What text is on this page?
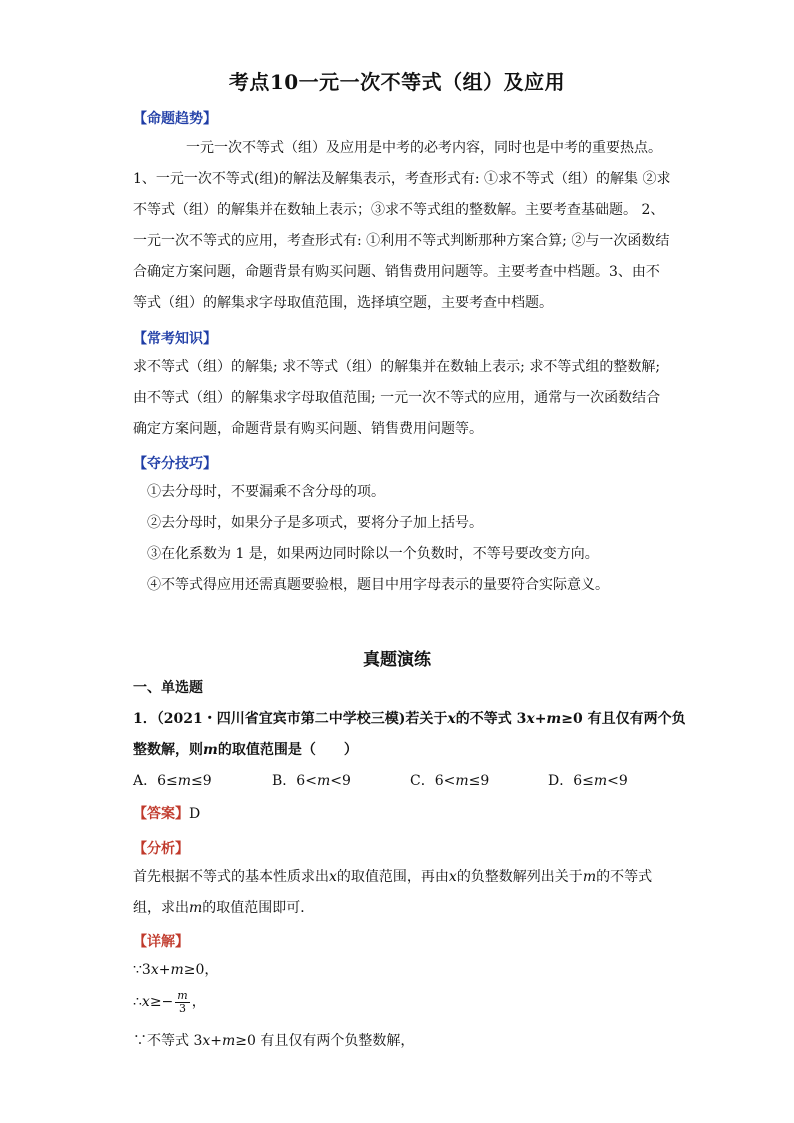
考点10一元一次不等式（组）及应用
【命题趋势】
一元一次不等式（组）及应用是中考的必考内容，同时也是中考的重要热点。
1、一元一次不等式(组)的解法及解集表示，考查形式有: ①求不等式（组）的解集 ②求
不等式（组）的解集并在数轴上表示；③求不等式组的整数解。主要考查基础题。 2、
一元一次不等式的应用，考查形式有: ①利用不等式判断那种方案合算; ②与一次函数结
合确定方案问题，命题背景有购买问题、销售费用问题等。主要考查中档题。3、由不
等式（组）的解集求字母取值范围，选择填空题，主要考查中档题。
【常考知识】
求不等式（组）的解集; 求不等式（组）的解集并在数轴上表示; 求不等式组的整数解;
由不等式（组）的解集求字母取值范围; 一元一次不等式的应用，通常与一次函数结合
确定方案问题，命题背景有购买问题、销售费用问题等。
【夺分技巧】
①去分母时，不要漏乘不含分母的项。
②去分母时，如果分子是多项式，要将分子加上括号。
③在化系数为 1 是，如果两边同时除以一个负数时，不等号要改变方向。
④不等式得应用还需真题要验根，题目中用字母表示的量要符合实际意义。
真题演练
一、单选题
1．（2021・四川省宜宾市第二中学校三模)若关于x的不等式 3x+m≥0 有且仅有两个负
整数解，则m的取值范围是（　　）
A．6≤m≤9	B．6<m<9	C．6<m≤9	D．6≤m<9
【答案】D
【分析】
首先根据不等式的基本性质求出x的取值范围，再由x的负整数解列出关于m的不等式
组，求出m的取值范围即可．
【详解】
∵3x+m≥0，
∴x≥− $\frac{m}{3}$ ，
∵不等式 3x+m≥0 有且仅有两个负整数解，
